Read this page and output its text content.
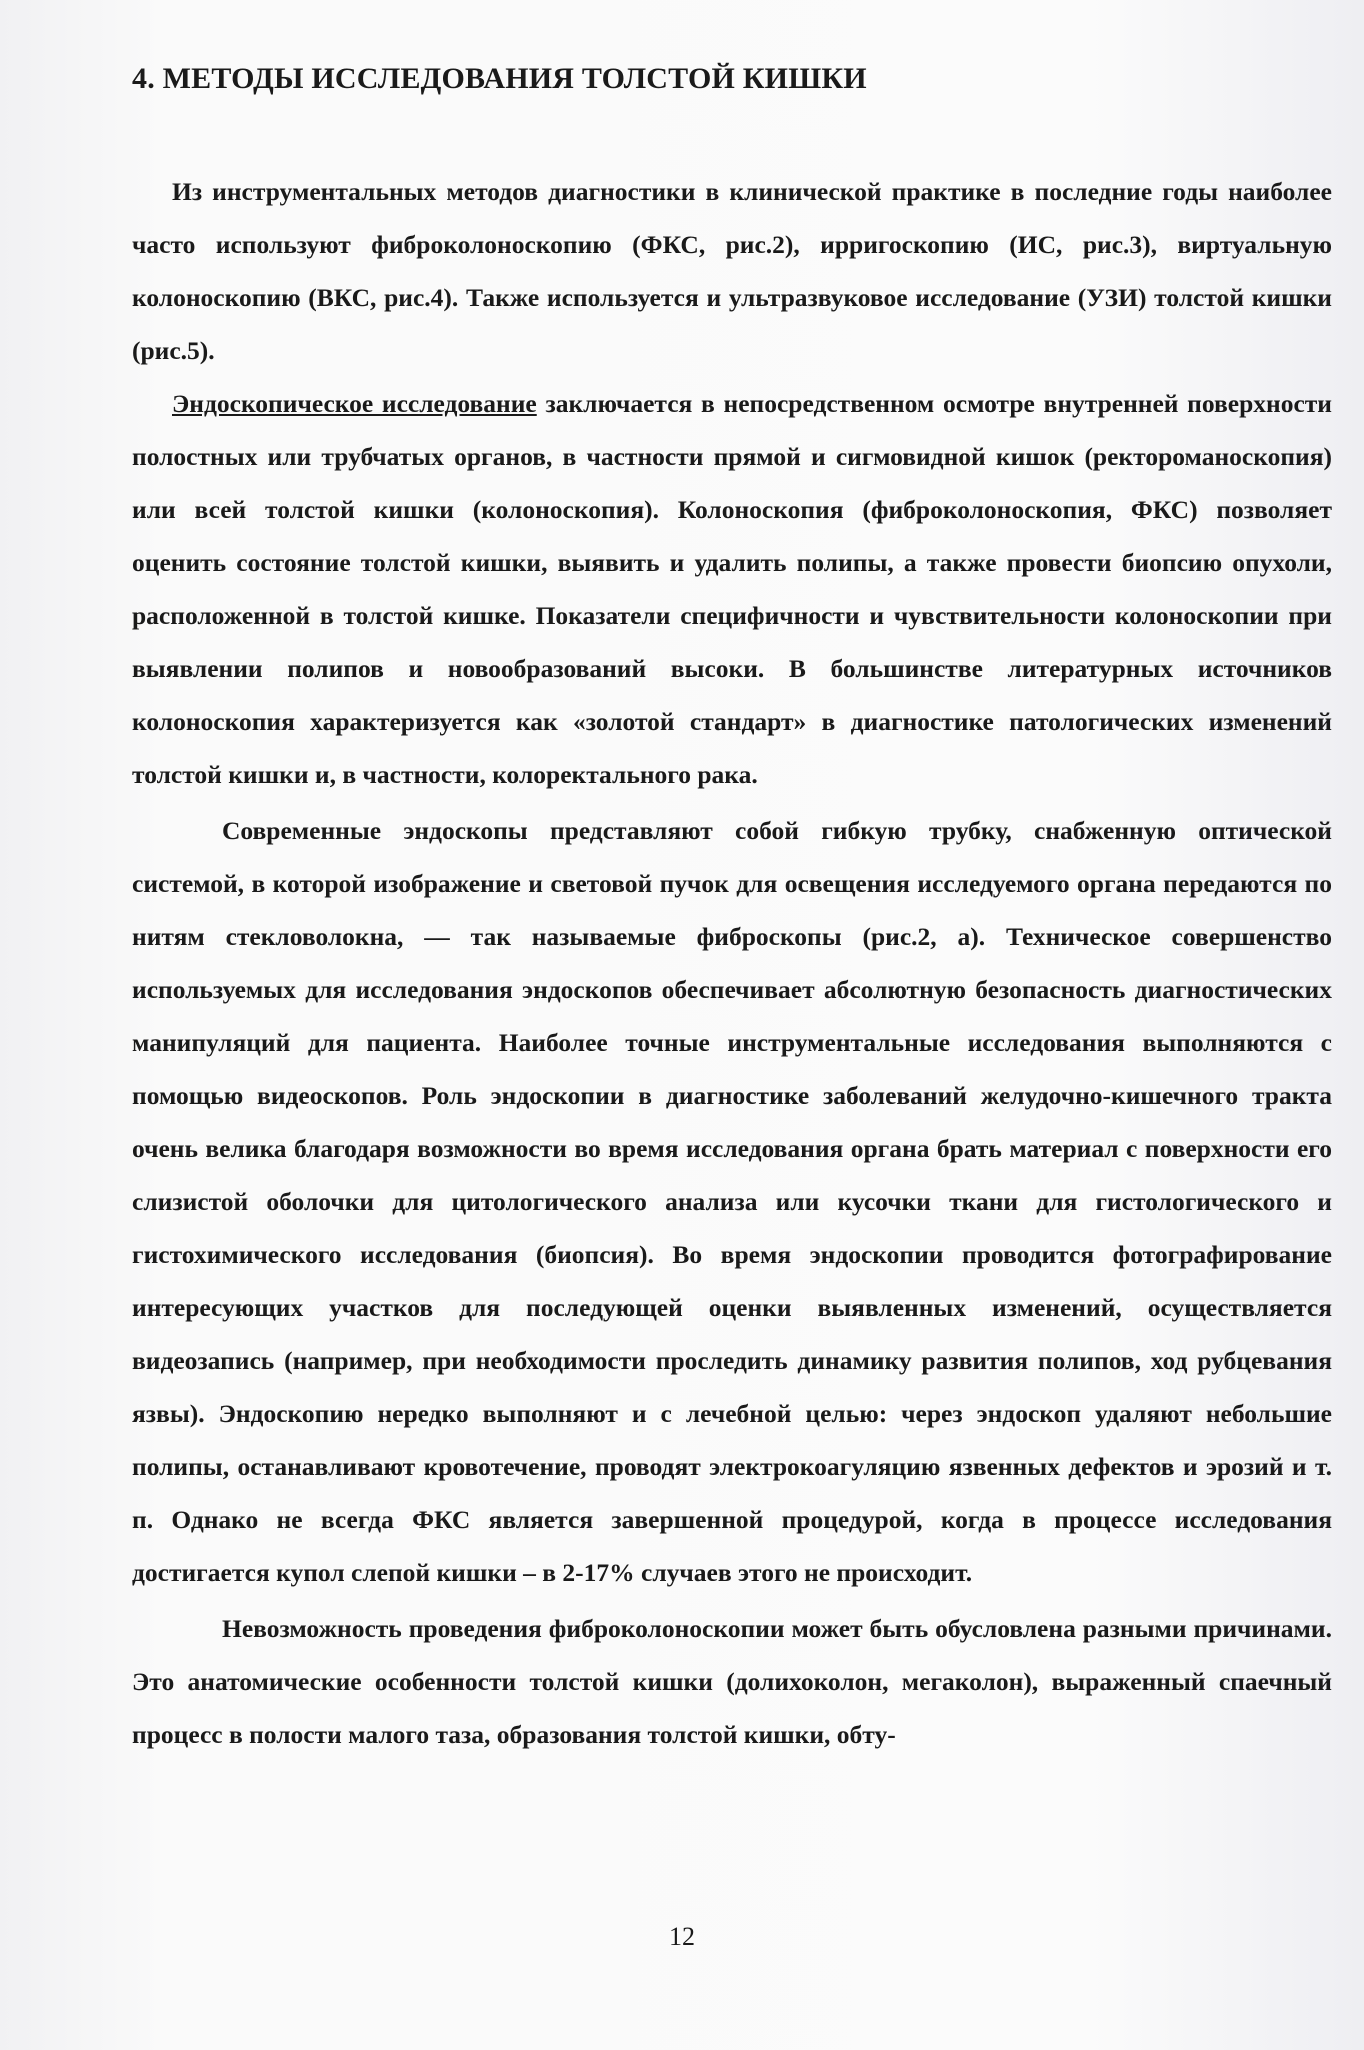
4. МЕТОДЫ ИССЛЕДОВАНИЯ ТОЛСТОЙ КИШКИ

Из инструментальных методов диагностики в клинической практике в последние годы наиболее часто используют фиброколоноскопию (ФКС, рис.2), ирригоскопию (ИС, рис.3), виртуальную колоноскопию (ВКС, рис.4). Также используется и ультразвуковое исследование (УЗИ) толстой кишки (рис.5).

Эндоскопическое исследование заключается в непосредственном осмотре внутренней поверхности полостных или трубчатых органов, в частности прямой и сигмовидной кишок (ректороманоскопия) или всей толстой кишки (колоноскопия). Колоноскопия (фиброколоноскопия, ФКС) позволяет оценить состояние толстой кишки, выявить и удалить полипы, а также провести биопсию опухоли, расположенной в толстой кишке. Показатели специфичности и чувствительности колоноскопии при выявлении полипов и новообразований высоки. В большинстве литературных источников колоноскопия характеризуется как «золотой стандарт» в диагностике патологических изменений толстой кишки и, в частности, колоректального рака.

Современные эндоскопы представляют собой гибкую трубку, снабженную оптической системой, в которой изображение и световой пучок для освещения исследуемого органа передаются по нитям стекловолокна, — так называемые фиброскопы (рис.2, а). Техническое совершенство используемых для исследования эндоскопов обеспечивает абсолютную безопасность диагностических манипуляций для пациента. Наиболее точные инструментальные исследования выполняются с помощью видеоскопов. Роль эндоскопии в диагностике заболеваний желудочно-кишечного тракта очень велика благодаря возможности во время исследования органа брать материал с поверхности его слизистой оболочки для цитологического анализа или кусочки ткани для гистологического и гистохимического исследования (биопсия). Во время эндоскопии проводится фотографирование интересующих участков для последующей оценки выявленных изменений, осуществляется видеозапись (например, при необходимости проследить динамику развития полипов, ход рубцевания язвы). Эндоскопию нередко выполняют и с лечебной целью: через эндоскоп удаляют небольшие полипы, останавливают кровотечение, проводят электрокоагуляцию язвенных дефектов и эрозий и т. п. Однако не всегда ФКС является завершенной процедурой, когда в процессе исследования достигается купол слепой кишки – в 2-17% случаев этого не происходит.

Невозможность проведения фиброколоноскопии может быть обусловлена разными причинами. Это анатомические особенности толстой кишки (долихоколон, мегаколон), выраженный спаечный процесс в полости малого таза, образования толстой кишки, обту-

12
